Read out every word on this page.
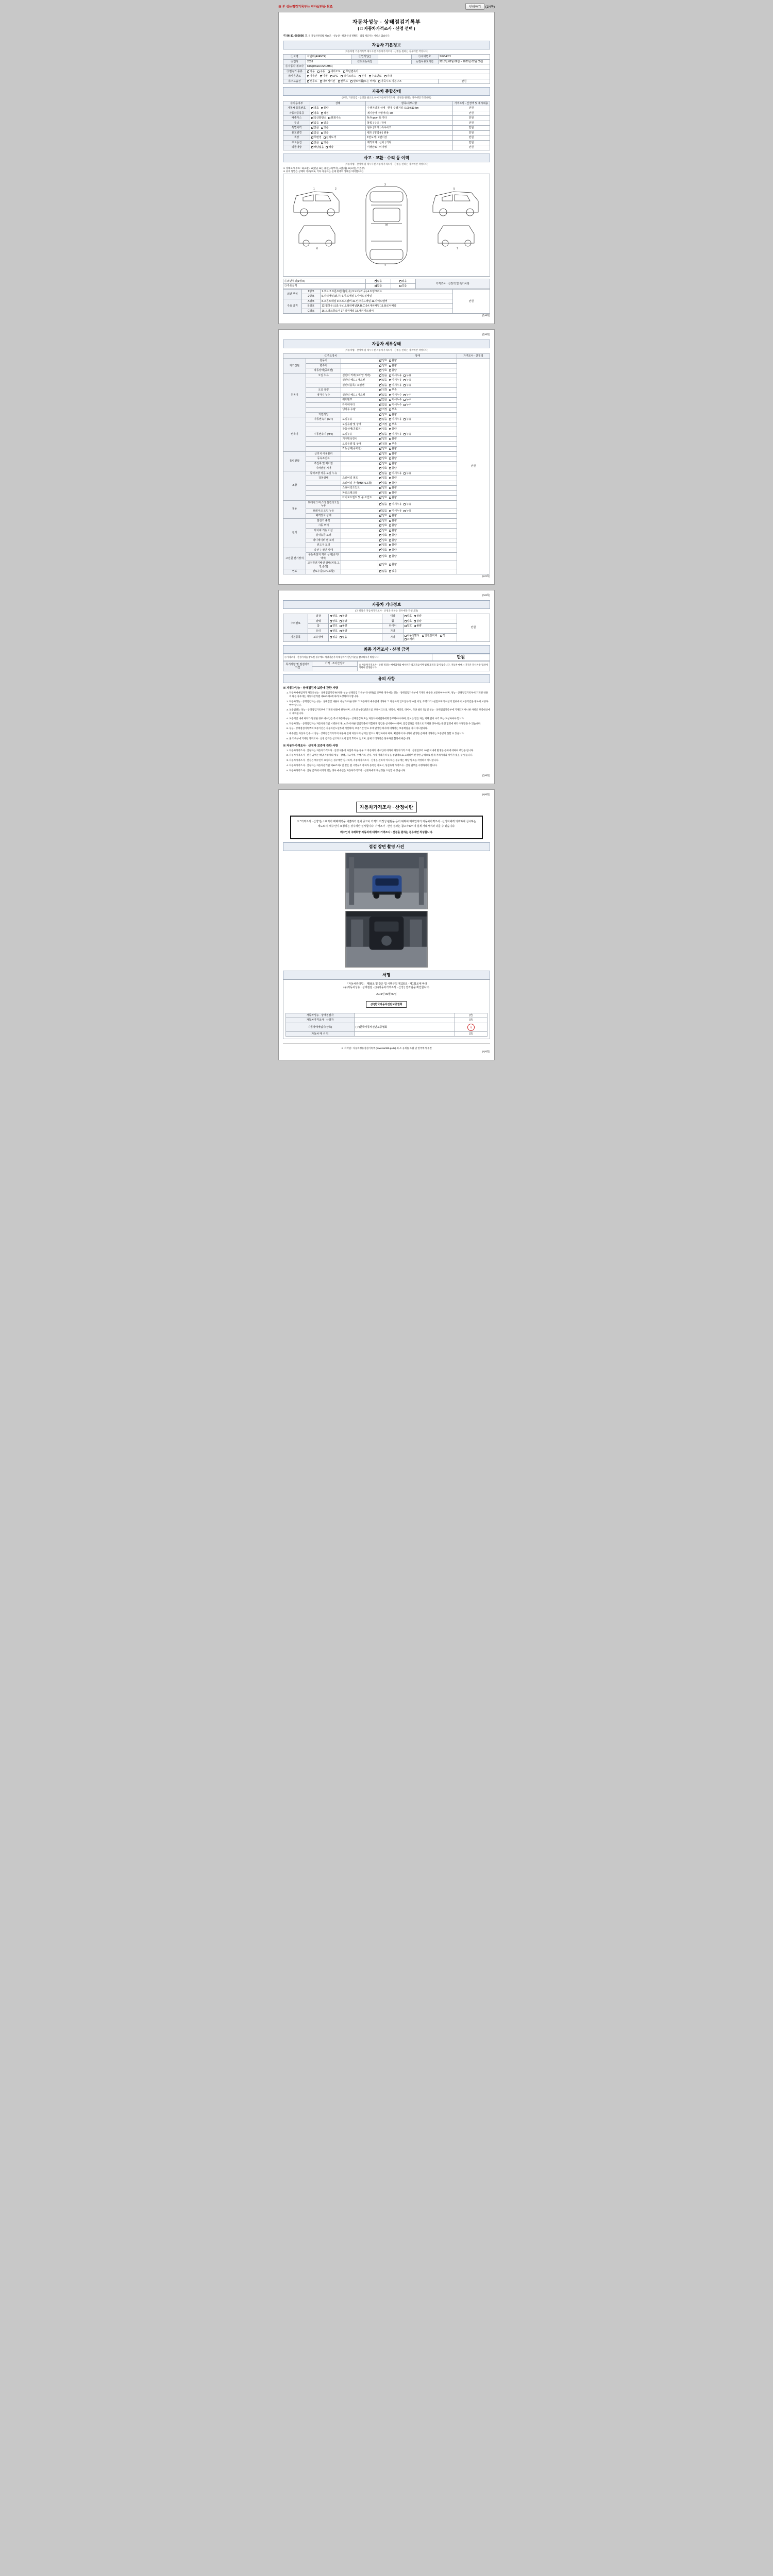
※ 본 성능점검기록부는 전자날인을 참조	인쇄하기 (1/4쪽)
자동차성능 · 상태점검기록부
( □ 자동차가격조사 · 산정 선택 )
제 96-11-002056 호 ※ 자동차관리법 제58조 · 성능상 · 해당 안내 정확도 · 점검 제공자는 서비스 없습니다.
자동차 기본정보
(자동차법 기준기록부 제시사진 자동차가격조사 · 산정을 원하는 경우에만 작성니다)
①차명	아반떼(AVANTE)	②연식일( )		③차대번호	3dE34J71
④연식	2018	⑤최초등록일		⑥검사유효기간	2018년 02월 06일 ~ 2020년 02월 05일
⑧자동차 제조사	KR9(DAEUUS/DAHC)				
⑨변속기 종류	✓자동 수동 세미오토 무단변속기
⑩사용연료	가솔린 ✓ 디젤 LPG 하이브리드 전기 수소연료 기타
⑪주요옵션	✓선루프 내비게이션 썬루프 알로이휠(또는 커버) 가죽시트 기본구조				만원
자동차 종합상태
(부品, 기본점검 · 산정을 필요로 하여 자동차가격조사 · 산정을 원하는 경우에만 작성니다)
①사용여부	상태	항목/세부사항	가격조사 · 산정액 및 제시내용
자동차 등록번호	✓양호 불량	주행거리계 상태 현재 주행거리 | 100,613 km	만원
자동차등록증	✓양호 적정	계기상태 주행거리 | km	만원
배출가스	✓일산화탄소 탄화수소	% % ppm % 기타	만원
튜닝	✓없음 있음	불법 | 구조 | 장치	만원
특별이력	✓없음 있음	침수 | 화재 | 특수사고	만원
용도변경	✓없음 있음	렌트 | 영업용 | 관용	만원
색상	✓무변경 전체도색	1면도색 | 2면이상	만원
주요옵션	✓없음 있음	제작자체 | 신차 | 기타	만원
리콜대상	✓해당없음 해당	이행완료 | 미이행	만원
사고 · 교환 · 수리 등 이력
(자동차법 · 산정에 필 제시사진 자동차가격조사 · 산정을 원하는 경우에만 작성니다)
※ 상태표시 부호 : X(교환), W(판금 또는 용접), C(부식), A(흠집), U(요철), T(손상)
※ 유의 방법은 상태의 기초(으로, 기타 자동차는 실제 현재의 상태를 의미합니다)
1	2
3
4
5
M
6	7
①외판부위(1랭크)	✓없음	있음	가격조사 · 산정액 및 특기사항
③주요골격	✓없음	있음	
외판 부위	1랭크	1.후드 2.프론트펜더(좌,우) 3.도어(좌,우) 4.트렁크리드	만원
	2랭크	5.쿼터패널(좌,우) 6.루프패널 7.사이드실패널	
주요 골격	A랭크	8.프론트패널 9.크로스멤버 10.인사이드패널 11.사이드멤버	
	B랭크	12.휠하우스(좌,우) 13.필러패널(A,B,C) 14.대쉬패널 15.플로어패널	
	C랭크	16.트렁크플로어 17.리어패널 18.패키지트레이	
(1/4쪽)
(2/4쪽)
자동차 세부상태
(자동차법 · 산정에 필 제시사진 자동차가격조사 · 산정을 원하는 경우에만 작성니다)
②주요장치			상태	가격조사 · 산정액
자기진단	원동기		✓양호 불량	만원
	변속기		✓양호 불량
	작동상태(공회전)		✓양호 불량
원동기	오일 누유	실린더 커버(로커암 커버)	✓없음 미세누유 누유
		실린더 헤드 / 개스킷	✓없음 미세누유 누유
		실린더블록 / 오일팬	✓없음 미세누유 누유
	오일 유량		✓적정 부족
	냉각수 누수	실린더 헤드 / 가스켓	✓없음 미세누수 누수
		워터펌프	✓없음 미세누수 누수
		라디에이터	✓없음 미세누수 누수
		냉각수 수량	✓적정 부족
	커먼레일		✓양호 불량
변속기	자동변속기 (A/T)	오일누유	✓없음 미세누유 누유
		오일유량 및 상태	✓적정 부족
		작동상태(공회전)	✓양호 불량
	수동변속기 (M/T)	오일누유	✓없음 미세누유 누유
		기어변속장치	✓양호 불량
		오일유량 및 상태	✓적정 부족
		작동상태(공회전)	✓양호 불량
동력전달	클러치 어셈블리		✓양호 불량
	등속조인트		✓양호 불량
	추진축 및 베어링		✓양호 불량
	디퍼렌셜 기어		✓양호 불량
조향	동력조향 작동 오일 누유		✓없음 미세누유 누유
	작동상태	스티어링 펌프	✓양호 불량
		스티어링 기어(MDPS포함)	✓양호 불량
		스티어링조인트	✓양호 불량
		파워크랭크암	✓양호 불량
		타이로드엔드 및 볼 조인트	✓양호 불량
제동	브레이크 마스터 실린더오일 누유		✓없음 미세누유 누유
	브레이크 오일 누유		✓없음 미세누유 누유
	배력장치 상태		✓양호 불량
전기	발전기 출력		✓양호 불량
	시동 모터		✓양호 불량
	와이퍼 기능 이상		✓양호 불량
	실내송풍 모터		✓양호 불량
	라디에이터 팬 모터		✓양호 불량
	윈도우 모터		✓양호 불량
고전원 전기장치	충전구 절연 상태		✓양호 불량
	구동축전지 격리 상태(공기/액체)		✓양호 불량
	고전원전기배선 상태(피복,고정,손상)		✓양호 불량
연료	연료누출(LPG포함)		✓없음 있음
(2/4쪽)
(3/4쪽)
자동차 기타정보
(③ 항목은 자동차가격조사 · 산정을 원하는 경우에만 작성니다)
수리필요	외장	양호 불량	내장	양호 불량	만원
	광택	양호 불량	휠	양호 불량	
	룸	양호 불량	타이어	양호 불량	
	유리	양호 불량	기타		
기본품목	보유상태	있음 없음	기타	사용설명서 안전삼각대 잭 스패너	
최종 가격조사 · 산정 금액
①가격조사 · 산정가격을 받으신 경우에도 차량기준가격 대상자가 판단기준을 참고하시기 바랍니다	만원
특기사항 및 점검자의 의견	가격 · 조사산정자	※ 자동차가격조사 · 산정 결과는 매매업자와 매수인간 참고자료이며 법적 효력을 갖지 않습니다. 자동차 매매시 가격은 당사자간 협의에 의하여 결정됩니다.

유의 사항
※ 자동차성능 · 상태점검자 보증에 관한 사항
1. 자동차매매업자가 자동차성능 · 상태점검기록부(이하 "성능 상태점검 기록부"라 한다)를 교부한 경우에는 성능 · 상태점검기록부에 기재된 내용을 보증하여야 하며, 성능 · 상태점검기록부에 기재된 내용과 다를 경우에는 자동차관리법 제58조의4에 따라 보상하여야 합니다.
2. 자동차성능 · 상태점검자는 성능 · 상태점검 내용이 사실과 다른 경우 그 자동차의 매수인에 대하여 그 자동차의 인도일부터 30일 이상, 주행거리 2천킬로미터 이상의 범위에서 보증기간을 정하여 보증하여야 합니다.
3. 보증범위는 성능 · 상태점검기록부에 기재된 내용에 한정하며, 소모성 부품(엔진오일, 브레이크오일, 냉각수, 배터리, 타이어, 각종 필터 등) 및 성능 · 상태점검기록부에 기재되지 아니한 사항은 보증대상에서 제외됩니다.
4. 보증기간 내에 하자가 발생한 경우 매수인은 즉시 자동차성능 · 상태점검자 또는 자동차매매업자에게 통보하여야 하며, 통보를 받은 자는 지체 없이 수리 또는 보상하여야 합니다.
5. 자동차성능 · 상태점검자는 자동차관리법 시행규칙 제120조에 따른 점검기준에 적합하게 점검을 실시하여야 하며, 점검결과를 거짓으로 기재한 경우에는 관련 법령에 따라 처벌받을 수 있습니다.
6. 성능 · 상태점검기록부의 보증기간은 자동차인도일부터 기산하며, 보증기간 만료 후에 발생한 하자에 대해서는 보증책임을 지지 아니합니다.
7. 매수인은 자동차 인수 시 성능 · 상태점검기록부의 내용과 실제 자동차의 상태를 반드시 확인하여야 하며, 확인하지 아니하여 발생한 손해에 대해서는 보증받지 못할 수 있습니다.
8. 본 기록부에 기재된 가격조사 · 산정 금액은 참고자료로서 법적 효력이 없으며, 실제 거래가격은 당사자간 협의에 따릅니다.
※ 자동차가격조사 · 산정자 보증에 관한 사항
1. 자동차가격조사 · 산정자는 자동차가격조사 · 산정 내용이 사실과 다른 경우 그 자동차의 매수인에 대하여 자동차가격 조사 · 산정일부터 30일 이내에 발생한 손해에 대하여 책임을 집니다.
2. 자동차가격조사 · 산정 금액은 해당 자동차의 성능 · 상태, 사고이력, 주행거리, 연식, 시장 거래가격 등을 종합적으로 고려하여 산정한 금액으로 실제 거래가격과 차이가 있을 수 있습니다.
3. 자동차가격조사 · 산정은 매수인이 요청하는 경우에만 실시하며, 자동차가격조사 · 산정을 원하지 아니하는 경우에는 해당 항목을 작성하지 아니합니다.
4. 자동차가격조사 · 산정자는 자동차관리법 제58조의4 및 같은 법 시행규칙에 따라 등록된 자로서, 성실하게 가격조사 · 산정 업무를 수행하여야 합니다.
5. 자동차가격조사 · 산정 금액에 이의가 있는 경우 매수인은 자동차가격조사 · 산정자에게 재산정을 요청할 수 있습니다.
(3/4쪽)
(4/4쪽)
자동차가격조사 · 산정이란
※ "가격조사 · 산정"은 소비자가 매매계약을 체결하기 전에 중고차 가격의 적정성 판단을 돕기 위하여 매매업자가 자동차가격조사 · 산정자에게 의뢰하여 실시하는 제도로서, 매수인이 요청하는 경우에만 실시합니다. 가격조사 · 산정 결과는 참고자료이며 실제 거래가격과 다를 수 있습니다.
매수인이 구매희망 자동차에 대하여 가격조사 · 산정을 원하는 경우에만 작성합니다.
점검 장면 촬영 사진
서명
「자동차관리법」 제58조 및 같은 법 시행규칙 제120조 · 제121조에 따라
(구)자동차성능 · 상태점검 · (주)자동차가격조사 · 산정 ) 결과임을 확인합니다.
2019년 00월 00일
(주)한국자동차진단보증협회
자동차성능 · 상태점검자		(인)
자동차가격조사 · 산정자		(인)
자동차매매업자(상호)	(주)한국자동차진단보증협회	印
자동차 매 수 인		(인)
※ 저작권 : 자동차성능점검기록부 (www.car365.go.kr) 의 소 공제를 포함 및 한국에게 부건
(4/4쪽)
